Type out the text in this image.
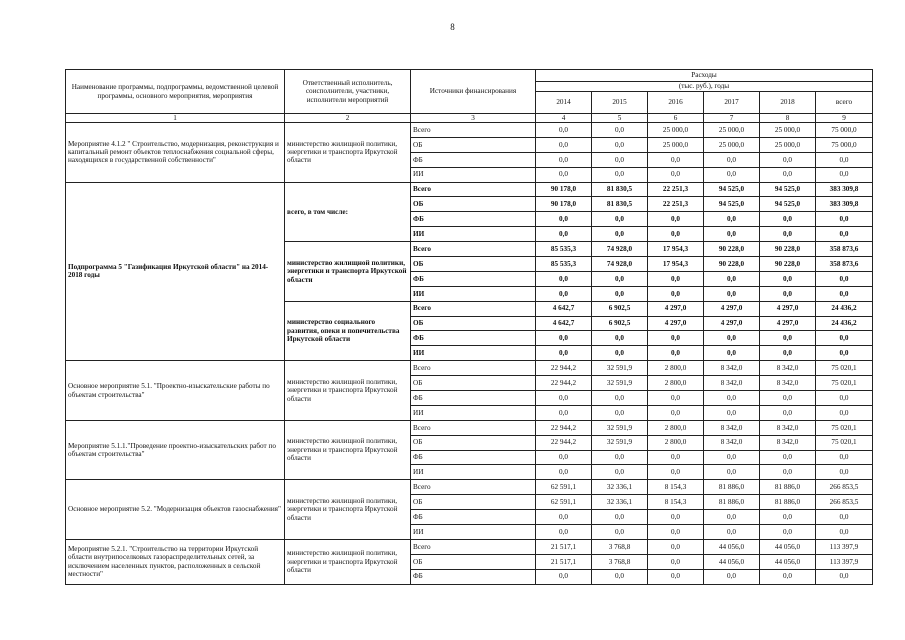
8
Наименование программы, подпрограммы, ведомственной целевой программы, основного мероприятия, мероприятия	Ответственный исполнитель, соисполнители, участники, исполнители мероприятий	Источники финансирования	Расходы					
			(тыс. руб.), годы					
			2014	2015	2016	2017	2018	всего
1	2	3	4	5	6	7	8	9
Мероприятие 4.1.2 " Строительство, модернизация, реконструкция и капитальный ремонт объектов теплоснабжения социальной сферы, находящихся в государственной собственности"	министерство жилищной политики, энергетики и транспорта Иркутской области	Всего	0,0	0,0	25 000,0	25 000,0	25 000,0	75 000,0
		ОБ	0,0	0,0	25 000,0	25 000,0	25 000,0	75 000,0
		ФБ	0,0	0,0	0,0	0,0	0,0	0,0
		ИИ	0,0	0,0	0,0	0,0	0,0	0,0
Подпрограмма 5 "Газификация Иркутской области" на 2014-2018 годы	всего, в том числе:	Всего	90 178,0	81 830,5	22 251,3	94 525,0	94 525,0	383 309,8
		ОБ	90 178,0	81 830,5	22 251,3	94 525,0	94 525,0	383 309,8
		ФБ	0,0	0,0	0,0	0,0	0,0	0,0
		ИИ	0,0	0,0	0,0	0,0	0,0	0,0
	министерство жилищной политики, энергетики и транспорта Иркутской области	Всего	85 535,3	74 928,0	17 954,3	90 228,0	90 228,0	358 873,6
		ОБ	85 535,3	74 928,0	17 954,3	90 228,0	90 228,0	358 873,6
		ФБ	0,0	0,0	0,0	0,0	0,0	0,0
		ИИ	0,0	0,0	0,0	0,0	0,0	0,0
	министерство социального развития, опеки и попечительства Иркутской области	Всего	4 642,7	6 902,5	4 297,0	4 297,0	4 297,0	24 436,2
		ОБ	4 642,7	6 902,5	4 297,0	4 297,0	4 297,0	24 436,2
		ФБ	0,0	0,0	0,0	0,0	0,0	0,0
		ИИ	0,0	0,0	0,0	0,0	0,0	0,0
Основное мероприятие 5.1. "Проектно-изыскательские работы по объектам строительства"	министерство жилищной политики, энергетики и транспорта Иркутской области	Всего	22 944,2	32 591,9	2 800,0	8 342,0	8 342,0	75 020,1
		ОБ	22 944,2	32 591,9	2 800,0	8 342,0	8 342,0	75 020,1
		ФБ	0,0	0,0	0,0	0,0	0,0	0,0
		ИИ	0,0	0,0	0,0	0,0	0,0	0,0
Мероприятие 5.1.1."Проведение проектно-изыскательских работ по объектам строительства"	министерство жилищной политики, энергетики и транспорта Иркутской области	Всего	22 944,2	32 591,9	2 800,0	8 342,0	8 342,0	75 020,1
		ОБ	22 944,2	32 591,9	2 800,0	8 342,0	8 342,0	75 020,1
		ФБ	0,0	0,0	0,0	0,0	0,0	0,0
		ИИ	0,0	0,0	0,0	0,0	0,0	0,0
Основное мероприятие 5.2. "Модернизация объектов газоснабжения"	министерство жилищной политики, энергетики и транспорта Иркутской области	Всего	62 591,1	32 336,1	8 154,3	81 886,0	81 886,0	266 853,5
		ОБ	62 591,1	32 336,1	8 154,3	81 886,0	81 886,0	266 853,5
		ФБ	0,0	0,0	0,0	0,0	0,0	0,0
		ИИ	0,0	0,0	0,0	0,0	0,0	0,0
Мероприятие 5.2.1. "Строительство на территории Иркутской области внутрипоселковых газораспределительных сетей, за исключением населенных пунктов, расположенных в сельской местности"	министерство жилищной политики, энергетики и транспорта Иркутской области	Всего	21 517,1	3 768,8	0,0	44 056,0	44 056,0	113 397,9
		ОБ	21 517,1	3 768,8	0,0	44 056,0	44 056,0	113 397,9
		ФБ	0,0	0,0	0,0	0,0	0,0	0,0
